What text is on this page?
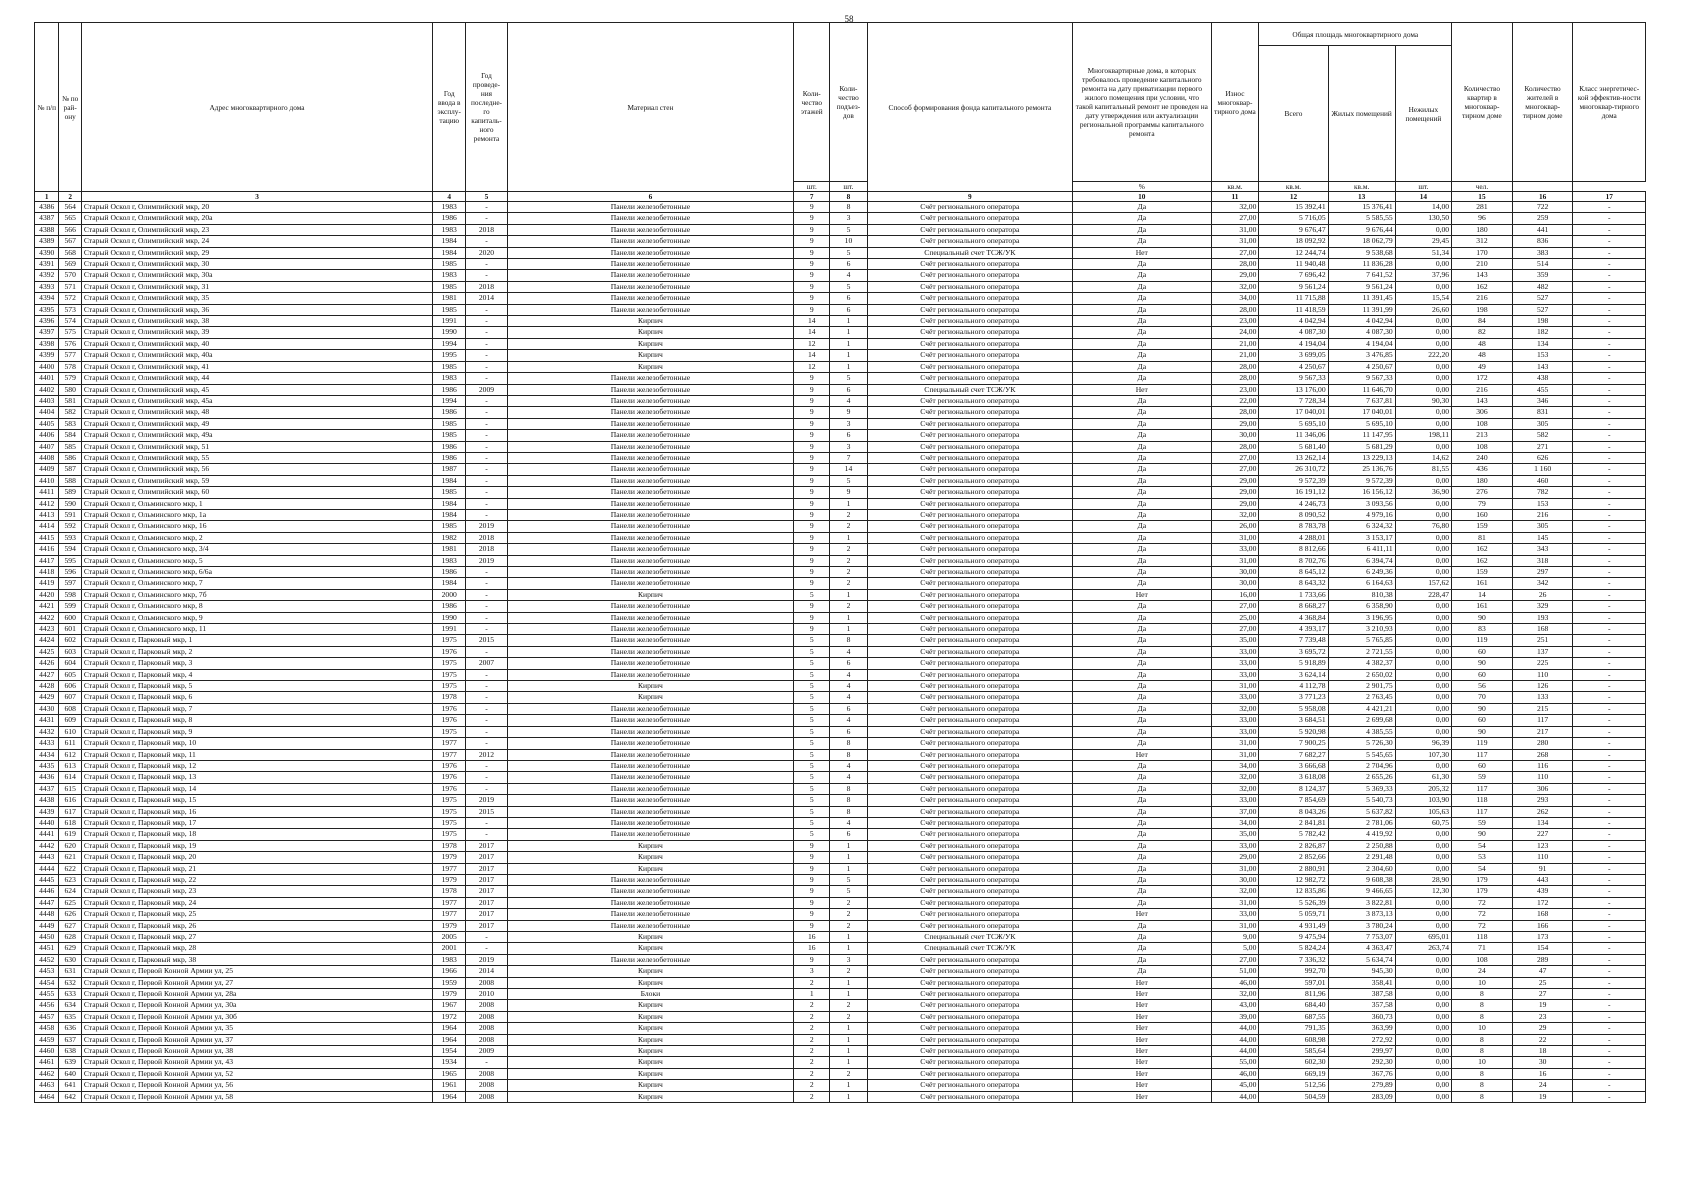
58
№ п/п	№ по рай-ону	Адрес многоквартирного дома	Год ввода в эксплу-тацию	Год проведе-ния последне-го капиталь-ного ремонта	Материал стен	Коли-чество этажей	Коли-чество подъез-дов	Способ формирования фонда капитального ремонта	Многоквартирные дома, в которых требовалось проведение капитального ремонта на дату приватизации первого жилого помещения при условии, что такой капитальный ремонт не проведен на дату утверждения или актуализации региональной программы капитального ремонта	Износ многоквар-тирного дома	Общая площадь многоквартирного дома			Количество квартир в многоквар-тирном доме	Количество жителей в многоквар-тирном доме	Класс энергетичес-кой эффектив-ности многоквар-тирного дома
											Всего	Жилых помещений	Нежилых помещений			
						шт.	шт.		%	кв.м.	кв.м.	кв.м.	шт.	чел.		
1	2	3	4	5	6	7	8	9	10	11	12	13	14	15	16	17
4386	564	Старый Оскол г, Олимпийский мкр, 20	1983	-	Панели железобетонные	9	8	Счёт регионального оператора	Да	32,00	15 392,41	15 376,41	14,00	281	722	-
4387	565	Старый Оскол г, Олимпийский мкр, 20а	1986	-	Панели железобетонные	9	3	Счёт регионального оператора	Да	27,00	5 716,05	5 585,55	130,50	96	259	-
4388	566	Старый Оскол г, Олимпийский мкр, 23	1983	2018	Панели железобетонные	9	5	Счёт регионального оператора	Да	31,00	9 676,47	9 676,44	0,00	180	441	-
4389	567	Старый Оскол г, Олимпийский мкр, 24	1984	-	Панели железобетонные	9	10	Счёт регионального оператора	Да	31,00	18 092,92	18 062,79	29,45	312	836	-
4390	568	Старый Оскол г, Олимпийский мкр, 29	1984	2020	Панели железобетонные	9	5	Специальный счет ТСЖ/УК	Нет	27,00	12 244,74	9 538,68	51,34	170	383	-
4391	569	Старый Оскол г, Олимпийский мкр, 30	1985	-	Панели железобетонные	9	6	Счёт регионального оператора	Да	28,00	11 940,48	11 836,28	0,00	210	514	-
4392	570	Старый Оскол г, Олимпийский мкр, 30а	1983	-	Панели железобетонные	9	4	Счёт регионального оператора	Да	29,00	7 696,42	7 641,52	37,96	143	359	-
4393	571	Старый Оскол г, Олимпийский мкр, 31	1985	2018	Панели железобетонные	9	5	Счёт регионального оператора	Да	32,00	9 561,24	9 561,24	0,00	162	482	-
4394	572	Старый Оскол г, Олимпийский мкр, 35	1981	2014	Панели железобетонные	9	6	Счёт регионального оператора	Да	34,00	11 715,88	11 391,45	15,54	216	527	-
4395	573	Старый Оскол г, Олимпийский мкр, 36	1985	-	Панели железобетонные	9	6	Счёт регионального оператора	Да	28,00	11 418,59	11 391,99	26,60	198	527	-
4396	574	Старый Оскол г, Олимпийский мкр, 38	1991	-	Кирпич	14	1	Счёт регионального оператора	Да	23,00	4 042,94	4 042,94	0,00	84	198	-
4397	575	Старый Оскол г, Олимпийский мкр, 39	1990	-	Кирпич	14	1	Счёт регионального оператора	Да	24,00	4 087,30	4 087,30	0,00	82	182	-
4398	576	Старый Оскол г, Олимпийский мкр, 40	1994	-	Кирпич	12	1	Счёт регионального оператора	Да	21,00	4 194,04	4 194,04	0,00	48	134	-
4399	577	Старый Оскол г, Олимпийский мкр, 40а	1995	-	Кирпич	14	1	Счёт регионального оператора	Да	21,00	3 699,05	3 476,85	222,20	48	153	-
4400	578	Старый Оскол г, Олимпийский мкр, 41	1985	-	Кирпич	12	1	Счёт регионального оператора	Да	28,00	4 250,67	4 250,67	0,00	49	143	-
4401	579	Старый Оскол г, Олимпийский мкр, 44	1983	-	Панели железобетонные	9	5	Счёт регионального оператора	Да	28,00	9 567,33	9 567,33	0,00	172	438	-
4402	580	Старый Оскол г, Олимпийский мкр, 45	1986	2009	Панели железобетонные	9	6	Специальный счет ТСЖ/УК	Нет	23,00	13 176,00	11 646,70	0,00	216	455	-
4403	581	Старый Оскол г, Олимпийский мкр, 45а	1994	-	Панели железобетонные	9	4	Счёт регионального оператора	Да	22,00	7 728,34	7 637,81	90,30	143	346	-
4404	582	Старый Оскол г, Олимпийский мкр, 48	1986	-	Панели железобетонные	9	9	Счёт регионального оператора	Да	28,00	17 040,01	17 040,01	0,00	306	831	-
4405	583	Старый Оскол г, Олимпийский мкр, 49	1985	-	Панели железобетонные	9	3	Счёт регионального оператора	Да	29,00	5 695,10	5 695,10	0,00	108	305	-
4406	584	Старый Оскол г, Олимпийский мкр, 49а	1985	-	Панели железобетонные	9	6	Счёт регионального оператора	Да	30,00	11 346,06	11 147,95	198,11	213	582	-
4407	585	Старый Оскол г, Олимпийский мкр, 51	1986	-	Панели железобетонные	9	3	Счёт регионального оператора	Да	28,00	5 681,40	5 681,29	0,00	108	271	-
4408	586	Старый Оскол г, Олимпийский мкр, 55	1986	-	Панели железобетонные	9	7	Счёт регионального оператора	Да	27,00	13 262,14	13 229,13	14,62	240	626	-
4409	587	Старый Оскол г, Олимпийский мкр, 56	1987	-	Панели железобетонные	9	14	Счёт регионального оператора	Да	27,00	26 310,72	25 136,76	81,55	436	1 160	-
4410	588	Старый Оскол г, Олимпийский мкр, 59	1984	-	Панели железобетонные	9	5	Счёт регионального оператора	Да	29,00	9 572,39	9 572,39	0,00	180	460	-
4411	589	Старый Оскол г, Олимпийский мкр, 60	1985	-	Панели железобетонные	9	9	Счёт регионального оператора	Да	29,00	16 191,12	16 156,12	36,90	276	782	-
4412	590	Старый Оскол г, Ольминского мкр, 1	1984	-	Панели железобетонные	9	1	Счёт регионального оператора	Да	29,00	4 246,73	3 093,56	0,00	79	153	-
4413	591	Старый Оскол г, Ольминского мкр, 1а	1984	-	Панели железобетонные	9	2	Счёт регионального оператора	Да	32,00	8 090,52	4 979,16	0,00	160	216	-
4414	592	Старый Оскол г, Ольминского мкр, 16	1985	2019	Панели железобетонные	9	2	Счёт регионального оператора	Да	26,00	8 783,78	6 324,32	76,80	159	305	-
4415	593	Старый Оскол г, Ольминского мкр, 2	1982	2018	Панели железобетонные	9	1	Счёт регионального оператора	Да	31,00	4 288,01	3 153,17	0,00	81	145	-
4416	594	Старый Оскол г, Ольминского мкр, 3/4	1981	2018	Панели железобетонные	9	2	Счёт регионального оператора	Да	33,00	8 812,66	6 411,11	0,00	162	343	-
4417	595	Старый Оскол г, Ольминского мкр, 5	1983	2019	Панели железобетонные	9	2	Счёт регионального оператора	Да	31,00	8 702,76	6 394,74	0,00	162	318	-
4418	596	Старый Оскол г, Ольминского мкр, 6/6а	1986	-	Панели железобетонные	9	2	Счёт регионального оператора	Да	30,00	8 645,12	6 249,36	0,00	159	297	-
4419	597	Старый Оскол г, Ольминского мкр, 7	1984	-	Панели железобетонные	9	2	Счёт регионального оператора	Да	30,00	8 643,32	6 164,63	157,62	161	342	-
4420	598	Старый Оскол г, Ольминского мкр, 7б	2000	-	Кирпич	5	1	Счёт регионального оператора	Нет	16,00	1 733,66	810,38	228,47	14	26	-
4421	599	Старый Оскол г, Ольминского мкр, 8	1986	-	Панели железобетонные	9	2	Счёт регионального оператора	Да	27,00	8 668,27	6 358,90	0,00	161	329	-
4422	600	Старый Оскол г, Ольминского мкр, 9	1990	-	Панели железобетонные	9	1	Счёт регионального оператора	Да	25,00	4 368,84	3 196,95	0,00	90	193	-
4423	601	Старый Оскол г, Ольминского мкр, 11	1991	-	Панели железобетонные	9	1	Счёт регионального оператора	Да	27,00	4 393,17	3 210,93	0,00	83	168	-
4424	602	Старый Оскол г, Парковый мкр, 1	1975	2015	Панели железобетонные	5	8	Счёт регионального оператора	Да	35,00	7 739,48	5 765,85	0,00	119	251	-
4425	603	Старый Оскол г, Парковый мкр, 2	1976	-	Панели железобетонные	5	4	Счёт регионального оператора	Да	33,00	3 695,72	2 721,55	0,00	60	137	-
4426	604	Старый Оскол г, Парковый мкр, 3	1975	2007	Панели железобетонные	5	6	Счёт регионального оператора	Да	33,00	5 918,89	4 382,37	0,00	90	225	-
4427	605	Старый Оскол г, Парковый мкр, 4	1975	-	Панели железобетонные	5	4	Счёт регионального оператора	Да	33,00	3 624,14	2 650,02	0,00	60	110	-
4428	606	Старый Оскол г, Парковый мкр, 5	1975	-	Кирпич	5	4	Счёт регионального оператора	Да	31,00	4 112,78	2 901,75	0,00	56	126	-
4429	607	Старый Оскол г, Парковый мкр, 6	1978	-	Кирпич	5	4	Счёт регионального оператора	Да	33,00	3 771,23	2 763,45	0,00	70	133	-
4430	608	Старый Оскол г, Парковый мкр, 7	1976	-	Панели железобетонные	5	6	Счёт регионального оператора	Да	32,00	5 958,08	4 421,21	0,00	90	215	-
4431	609	Старый Оскол г, Парковый мкр, 8	1976	-	Панели железобетонные	5	4	Счёт регионального оператора	Да	33,00	3 684,51	2 699,68	0,00	60	117	-
4432	610	Старый Оскол г, Парковый мкр, 9	1975	-	Панели железобетонные	5	6	Счёт регионального оператора	Да	33,00	5 920,98	4 385,55	0,00	90	217	-
4433	611	Старый Оскол г, Парковый мкр, 10	1977	-	Панели железобетонные	5	8	Счёт регионального оператора	Да	31,00	7 900,25	5 726,30	96,39	119	280	-
4434	612	Старый Оскол г, Парковый мкр, 11	1977	2012	Панели железобетонные	5	8	Счёт регионального оператора	Нет	31,00	7 682,27	5 545,65	107,30	117	268	-
4435	613	Старый Оскол г, Парковый мкр, 12	1976	-	Панели железобетонные	5	4	Счёт регионального оператора	Да	34,00	3 666,68	2 704,96	0,00	60	116	-
4436	614	Старый Оскол г, Парковый мкр, 13	1976	-	Панели железобетонные	5	4	Счёт регионального оператора	Да	32,00	3 618,08	2 655,26	61,30	59	110	-
4437	615	Старый Оскол г, Парковый мкр, 14	1976	-	Панели железобетонные	5	8	Счёт регионального оператора	Да	32,00	8 124,37	5 369,33	205,32	117	306	-
4438	616	Старый Оскол г, Парковый мкр, 15	1975	2019	Панели железобетонные	5	8	Счёт регионального оператора	Да	33,00	7 854,69	5 540,73	103,90	118	293	-
4439	617	Старый Оскол г, Парковый мкр, 16	1975	2015	Панели железобетонные	5	8	Счёт регионального оператора	Да	37,00	8 043,26	5 637,82	105,63	117	262	-
4440	618	Старый Оскол г, Парковый мкр, 17	1975	-	Панели железобетонные	5	4	Счёт регионального оператора	Да	34,00	2 841,81	2 781,06	60,75	59	134	-
4441	619	Старый Оскол г, Парковый мкр, 18	1975	-	Панели железобетонные	5	6	Счёт регионального оператора	Да	35,00	5 782,42	4 419,92	0,00	90	227	-
4442	620	Старый Оскол г, Парковый мкр, 19	1978	2017	Кирпич	9	1	Счёт регионального оператора	Да	33,00	2 826,87	2 250,88	0,00	54	123	-
4443	621	Старый Оскол г, Парковый мкр, 20	1979	2017	Кирпич	9	1	Счёт регионального оператора	Да	29,00	2 852,66	2 291,48	0,00	53	110	-
4444	622	Старый Оскол г, Парковый мкр, 21	1977	2017	Кирпич	9	1	Счёт регионального оператора	Да	31,00	2 880,91	2 304,60	0,00	54	91	-
4445	623	Старый Оскол г, Парковый мкр, 22	1979	2017	Панели железобетонные	9	5	Счёт регионального оператора	Да	30,00	12 982,72	9 608,38	28,90	179	443	-
4446	624	Старый Оскол г, Парковый мкр, 23	1978	2017	Панели железобетонные	9	5	Счёт регионального оператора	Да	32,00	12 835,86	9 466,65	12,30	179	439	-
4447	625	Старый Оскол г, Парковый мкр, 24	1977	2017	Панели железобетонные	9	2	Счёт регионального оператора	Да	31,00	5 526,39	3 822,81	0,00	72	172	-
4448	626	Старый Оскол г, Парковый мкр, 25	1977	2017	Панели железобетонные	9	2	Счёт регионального оператора	Нет	33,00	5 059,71	3 873,13	0,00	72	168	-
4449	627	Старый Оскол г, Парковый мкр, 26	1979	2017	Панели железобетонные	9	2	Счёт регионального оператора	Да	31,00	4 931,49	3 780,24	0,00	72	166	-
4450	628	Старый Оскол г, Парковый мкр, 27	2005	-	Кирпич	16	1	Специальный счет ТСЖ/УК	Да	9,00	9 475,94	7 753,07	695,01	118	173	-
4451	629	Старый Оскол г, Парковый мкр, 28	2001	-	Кирпич	16	1	Специальный счет ТСЖ/УК	Да	5,00	5 824,24	4 363,47	263,74	71	154	-
4452	630	Старый Оскол г, Парковый мкр, 38	1983	2019	Панели железобетонные	9	3	Счёт регионального оператора	Да	27,00	7 336,32	5 634,74	0,00	108	289	-
4453	631	Старый Оскол г, Первой Конной Армии ул, 25	1966	2014	Кирпич	3	2	Счёт регионального оператора	Да	51,00	992,70	945,30	0,00	24	47	-
4454	632	Старый Оскол г, Первой Конной Армии ул, 27	1959	2008	Кирпич	2	1	Счёт регионального оператора	Нет	46,00	597,01	358,41	0,00	10	25	-
4455	633	Старый Оскол г, Первой Конной Армии ул, 28а	1979	2010	Блоки	1	1	Счёт регионального оператора	Нет	32,00	811,96	387,58	0,00	8	27	-
4456	634	Старый Оскол г, Первой Конной Армии ул, 30а	1967	2008	Кирпич	2	2	Счёт регионального оператора	Нет	43,00	684,40	357,58	0,00	8	19	-
4457	635	Старый Оскол г, Первой Конной Армии ул, 30б	1972	2008	Кирпич	2	2	Счёт регионального оператора	Нет	39,00	687,55	360,73	0,00	8	23	-
4458	636	Старый Оскол г, Первой Конной Армии ул, 35	1964	2008	Кирпич	2	1	Счёт регионального оператора	Нет	44,00	791,35	363,99	0,00	10	29	-
4459	637	Старый Оскол г, Первой Конной Армии ул, 37	1964	2008	Кирпич	2	1	Счёт регионального оператора	Нет	44,00	608,98	272,92	0,00	8	22	-
4460	638	Старый Оскол г, Первой Конной Армии ул, 38	1954	2009	Кирпич	2	1	Счёт регионального оператора	Нет	44,00	585,64	299,97	0,00	8	18	-
4461	639	Старый Оскол г, Первой Конной Армии ул, 43	1934	-	Кирпич	2	1	Счёт регионального оператора	Нет	55,00	602,30	292,30	0,00	10	30	-
4462	640	Старый Оскол г, Первой Конной Армии ул, 52	1965	2008	Кирпич	2	2	Счёт регионального оператора	Нет	46,00	669,19	367,76	0,00	8	16	-
4463	641	Старый Оскол г, Первой Конной Армии ул, 56	1961	2008	Кирпич	2	1	Счёт регионального оператора	Нет	45,00	512,56	279,89	0,00	8	24	-
4464	642	Старый Оскол г, Первой Конной Армии ул, 58	1964	2008	Кирпич	2	1	Счёт регионального оператора	Нет	44,00	504,59	283,09	0,00	8	19	-
